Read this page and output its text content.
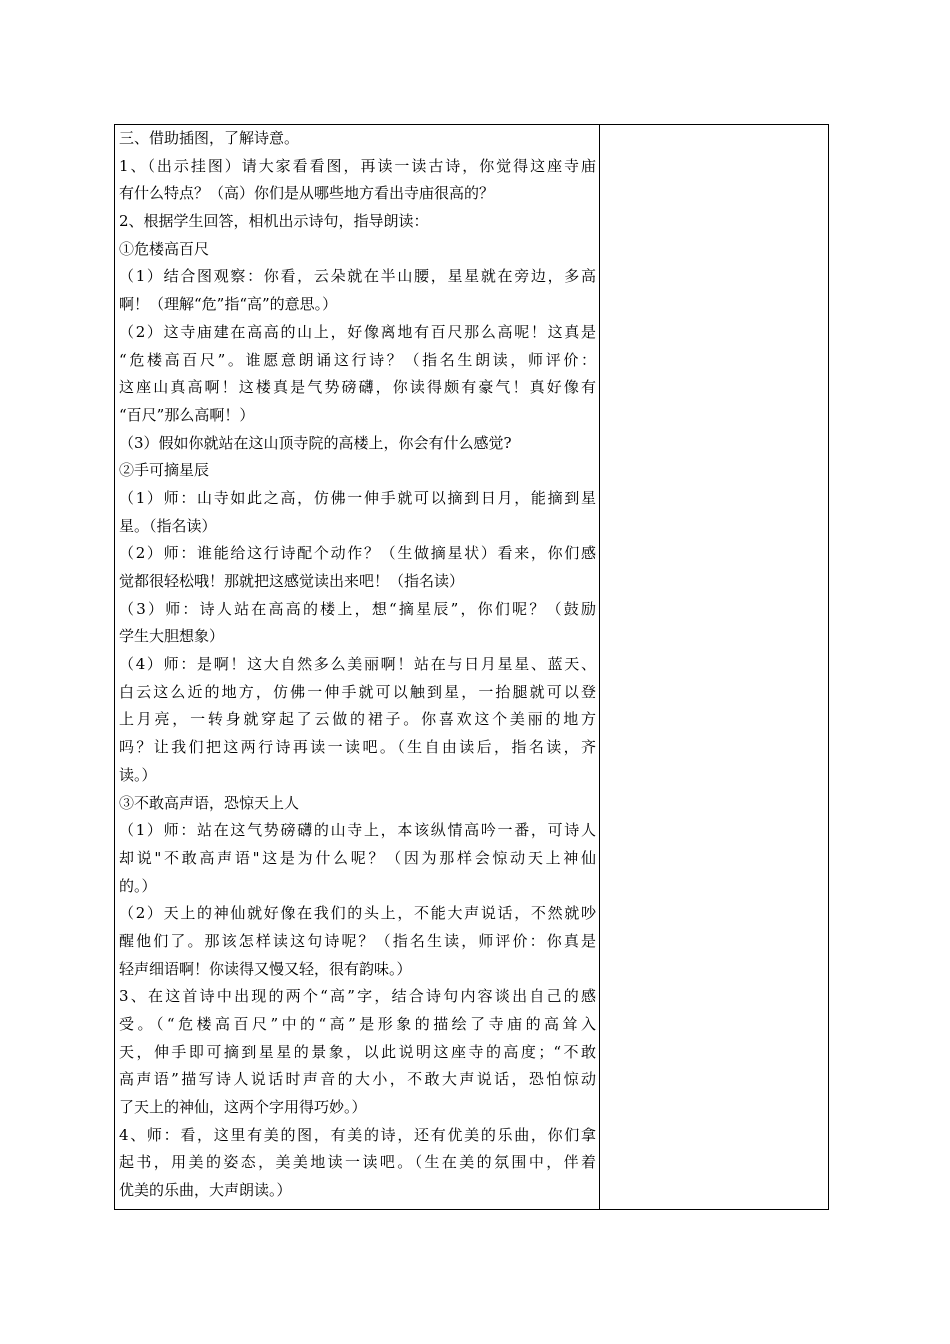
三、借助插图，了解诗意。
1、（出示挂图）请大家看看图，再读一读古诗，你觉得这座寺庙
有什么特点？（高）你们是从哪些地方看出寺庙很高的？
2、根据学生回答，相机出示诗句，指导朗读：
①危楼高百尺
（1）结合图观察：你看，云朵就在半山腰，星星就在旁边，多高
啊！（理解“危”指“高”的意思。）
（2）这寺庙建在高高的山上，好像离地有百尺那么高呢！这真是
“危楼高百尺”。谁愿意朗诵这行诗？（指名生朗读，师评价：
这座山真高啊！这楼真是气势磅礴，你读得颇有豪气！真好像有
“百尺”那么高啊！）
（3）假如你就站在这山顶寺院的高楼上，你会有什么感觉?
②手可摘星辰
（1）师：山寺如此之高，仿佛一伸手就可以摘到日月，能摘到星
星。（指名读）
（2）师：谁能给这行诗配个动作？（生做摘星状）看来，你们感
觉都很轻松哦！那就把这感觉读出来吧！（指名读）
（3）师：诗人站在高高的楼上，想“摘星辰”，你们呢？（鼓励
学生大胆想象）
（4）师：是啊！这大自然多么美丽啊！站在与日月星星、蓝天、
白云这么近的地方，仿佛一伸手就可以触到星，一抬腿就可以登
上月亮，一转身就穿起了云做的裙子。你喜欢这个美丽的地方
吗？让我们把这两行诗再读一读吧。（生自由读后，指名读，齐
读。）
③不敢高声语，恐惊天上人
（1）师：站在这气势磅礴的山寺上，本该纵情高吟一番，可诗人
却说"不敢高声语"这是为什么呢？（因为那样会惊动天上神仙
的。）
（2）天上的神仙就好像在我们的头上，不能大声说话，不然就吵
醒他们了。那该怎样读这句诗呢？（指名生读，师评价：你真是
轻声细语啊！你读得又慢又轻，很有韵味。）
3、在这首诗中出现的两个“高”字，结合诗句内容谈出自己的感
受。（“危楼高百尺”中的“高”是形象的描绘了寺庙的高耸入
天，伸手即可摘到星星的景象，以此说明这座寺的高度；“不敢
高声语”描写诗人说话时声音的大小，不敢大声说话，恐怕惊动
了天上的神仙，这两个字用得巧妙。）
4、师：看，这里有美的图，有美的诗，还有优美的乐曲，你们拿
起书，用美的姿态，美美地读一读吧。（生在美的氛围中，伴着
优美的乐曲，大声朗读。）
